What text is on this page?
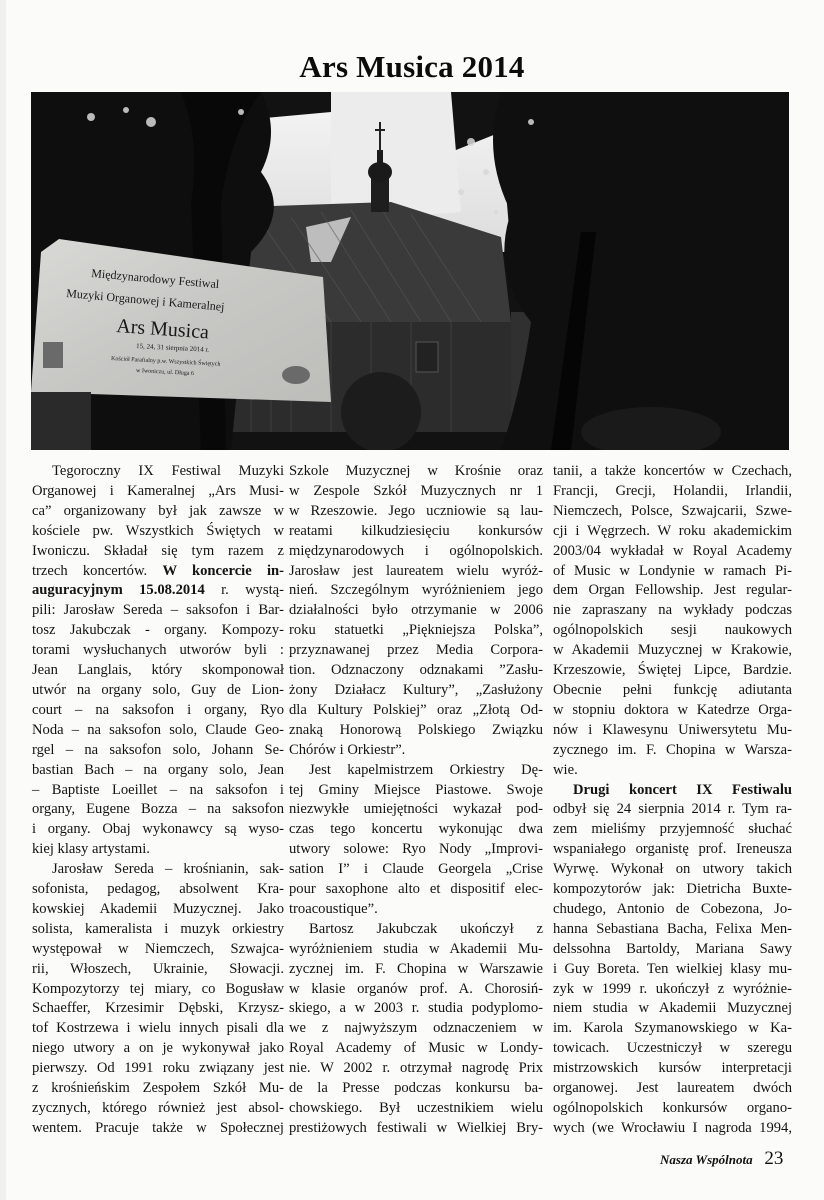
Ars Musica 2014
Międzynarodowy Festiwal
Muzyki Organowej i Kameralnej
Ars Musica
15, 24, 31 sierpnia 2014 r.
Kościół Parafialny p.w. Wszystkich Świętych
w Iwoniczu, ul. Długa 6
Tegoroczny IX Festiwal Muzyki
Organowej i Kameralnej „Ars Musi-
ca” organizowany był jak zawsze w
kościele pw. Wszystkich Świętych w
Iwoniczu. Składał się tym razem z
trzech koncertów. W koncercie in-
auguracyjnym 15.08.2014 r. wystą-
pili: Jarosław Sereda – saksofon i Bar-
tosz Jakubczak - organy. Kompozy-
torami wysłuchanych utworów byli :
Jean Langlais, który skomponował
utwór na organy solo, Guy de Lion-
court – na saksofon i organy, Ryo
Noda – na saksofon solo, Claude Geo-
rgel – na saksofon solo, Johann Se-
bastian Bach – na organy solo, Jean
– Baptiste Loeillet – na saksofon i
organy, Eugene Bozza – na saksofon
i organy. Obaj wykonawcy są wyso-
kiej klasy artystami.
Jarosław Sereda – krośnianin, sak-
sofonista, pedagog, absolwent Kra-
kowskiej Akademii Muzycznej. Jako
solista, kameralista i muzyk orkiestry
występował w Niemczech, Szwajca-
rii, Włoszech, Ukrainie, Słowacji.
Kompozytorzy tej miary, co Bogusław
Schaeffer, Krzesimir Dębski, Krzysz-
tof Kostrzewa i wielu innych pisali dla
niego utwory a on je wykonywał jako
pierwszy. Od 1991 roku związany jest
z krośnieńskim Zespołem Szkół Mu-
zycznych, którego również jest absol-
wentem. Pracuje także w Społecznej
Szkole Muzycznej w Krośnie oraz
w Zespole Szkół Muzycznych nr 1
w Rzeszowie. Jego uczniowie są lau-
reatami kilkudziesięciu konkursów
międzynarodowych i ogólnopolskich.
Jarosław jest laureatem wielu wyróż-
nień. Szczególnym wyróżnieniem jego
działalności było otrzymanie w 2006
roku statuetki „Piękniejsza Polska”,
przyznawanej przez Media Corpora-
tion. Odznaczony odznakami ”Zasłu-
żony Działacz Kultury”, „Zasłużony
dla Kultury Polskiej” oraz „Złotą Od-
znaką Honorową Polskiego Związku
Chórów i Orkiestr”.
Jest kapelmistrzem Orkiestry Dę-
tej Gminy Miejsce Piastowe. Swoje
niezwykłe umiejętności wykazał pod-
czas tego koncertu wykonując dwa
utwory solowe: Ryo Nody „Improvi-
sation I” i Claude Georgela „Crise
pour saxophone alto et dispositif elec-
troacoustique”.
Bartosz Jakubczak ukończył z
wyróżnieniem studia w Akademii Mu-
zycznej im. F. Chopina w Warszawie
w klasie organów prof. A. Chorosiń-
skiego, a w 2003 r. studia podyplomo-
we z najwyższym odznaczeniem w
Royal Academy of Music w Londy-
nie. W 2002 r. otrzymał nagrodę Prix
de la Presse podczas konkursu ba-
chowskiego. Był uczestnikiem wielu
prestiżowych festiwali w Wielkiej Bry-
tanii, a także koncertów w Czechach,
Francji, Grecji, Holandii, Irlandii,
Niemczech, Polsce, Szwajcarii, Szwe-
cji i Węgrzech. W roku akademickim
2003/04 wykładał w Royal Academy
of Music w Londynie w ramach Pi-
dem Organ Fellowship. Jest regular-
nie zapraszany na wykłady podczas
ogólnopolskich sesji naukowych
w Akademii Muzycznej w Krakowie,
Krzeszowie, Świętej Lipce, Bardzie.
Obecnie pełni funkcję adiutanta
w stopniu doktora w Katedrze Orga-
nów i Klawesynu Uniwersytetu Mu-
zycznego im. F. Chopina w Warsza-
wie.
Drugi koncert IX Festiwalu
odbył się 24 sierpnia 2014 r. Tym ra-
zem mieliśmy przyjemność słuchać
wspaniałego organistę prof. Ireneusza
Wyrwę. Wykonał on utwory takich
kompozytorów jak: Dietricha Buxte-
chudego, Antonio de Cobezona, Jo-
hanna Sebastiana Bacha, Felixa Men-
delssohna Bartoldy, Mariana Sawy
i Guy Boreta. Ten wielkiej klasy mu-
zyk w 1999 r. ukończył z wyróżnie-
niem studia w Akademii Muzycznej
im. Karola Szymanowskiego w Ka-
towicach. Uczestniczył w szeregu
mistrzowskich kursów interpretacji
organowej. Jest laureatem dwóch
ogólnopolskich konkursów organo-
wych (we Wrocławiu I nagroda 1994,
Nasza Wspólnota 23
